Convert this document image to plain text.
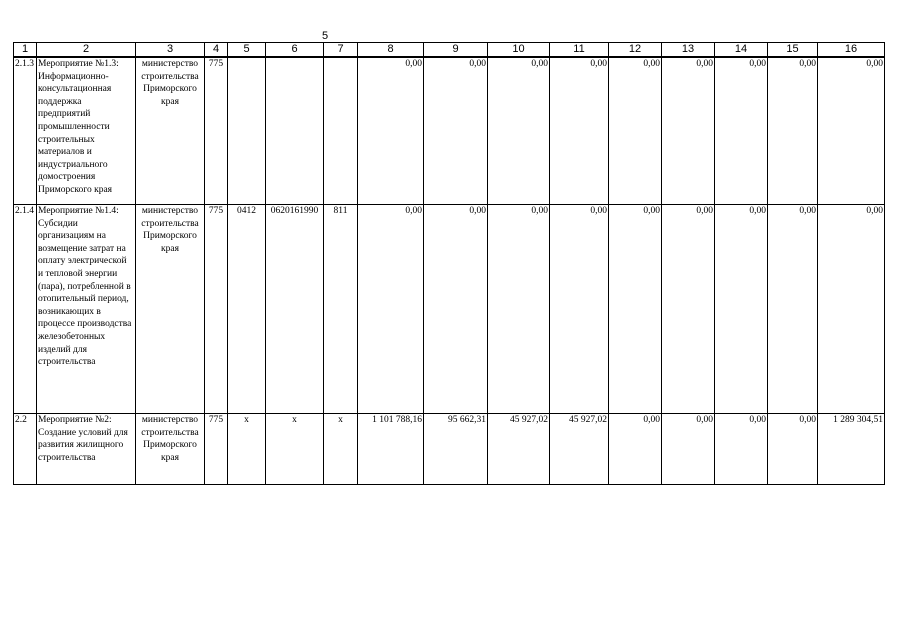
5
1	2	3	4	5	6	7	8	9	10	11	12	13	14	15	16
2.1.3	Мероприятие №1.3: Информационно-консультационная поддержка предприятий промышленности строительных материалов и индустриального домостроения Приморского края	министерство строительства Приморского края	775				0,00	0,00	0,00	0,00	0,00	0,00	0,00	0,00	0,00
2.1.4	Мероприятие №1.4: Субсидии организациям на возмещение затрат на оплату электрической и тепловой энергии (пара), потребленной в отопительный период, возникающих в процессе производства железобетонных изделий для строительства	министерство строительства Приморского края	775	0412	0620161990	811	0,00	0,00	0,00	0,00	0,00	0,00	0,00	0,00	0,00
2.2	Мероприятие №2: Создание условий для развития жилищного строительства	министерство строительства Приморского края	775	x	x	x	1 101 788,16	95 662,31	45 927,02	45 927,02	0,00	0,00	0,00	0,00	1 289 304,51
